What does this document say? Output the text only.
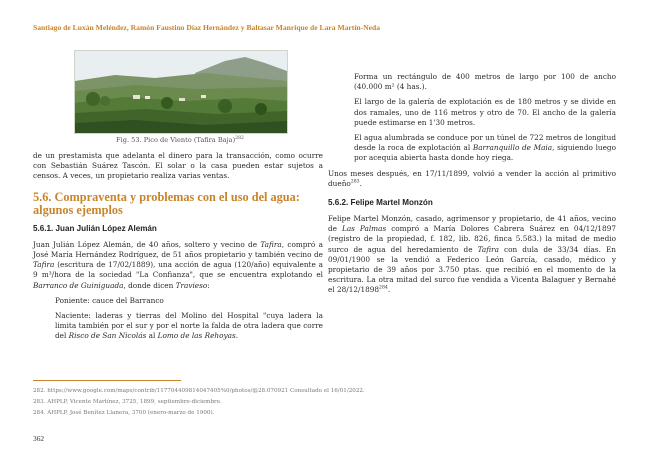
Santiago de Luxán Meléndez, Ramón Faustino Díaz Hernández y Baltasar Manrique de Lara Martín-Neda
Fig. 53. Pico de Viento (Tafira Baja)$^{282}$

de un prestamista que adelanta el dinero para la transacción, como ocurre con Sebastián Suárez Tascón. El solar o la casa pueden estar sujetos a censos. A veces, un propietario realiza varias ventas.

5.6. Compraventa y problemas con el uso del agua: algunos ejemplos
5.6.1. Juan Julián López Alemán

Juan Julián López Alemán, de 40 años, soltero y vecino de Tafira, compró a José María Hernández Rodríguez, de 51 años propietario y también vecino de Tafira (escritura de 17/02/1889), una acción de agua (120/año) equivalente a 9 m³/hora de la sociedad "La Confianza", que se encuentra explotando el Barranco de Guiniguada, donde dicen Travieso:

Poniente: cauce del Barranco

Naciente: laderas y tierras del Molino del Hospital "cuya ladera la limita también por el sur y por el norte la falda de otra ladera que corre del Risco de San Nicolás al Lomo de las Rehoyas.

Forma un rectángulo de 400 metros de largo por 100 de ancho (40.000 m² (4 has.).

El largo de la galería de explotación es de 180 metros y se divide en dos ramales, uno de 116 metros y otro de 70. El ancho de la galería puede estimarse en 1'30 metros.

El agua alumbrada se conduce por un túnel de 722 metros de longitud desde la roca de explotación al Barranquillo de Maia, siguiendo luego por acequia abierta hasta donde hoy riega.

Unos meses después, en 17/11/1899, volvió a vender la acción al primitivo dueño$^{283}$.

5.6.2. Felipe Martel Monzón

Felipe Martel Monzón, casado, agrimensor y propietario, de 41 años, vecino de Las Palmas compró a María Dolores Cabrera Suárez en 04/12/1897 (registro de la propiedad, f. 182, lib. 826, finca 5.583.) la mitad de medio surco de agua del heredamiento de Tafira con dula de 33/34 días. En 09/01/1900 se la vendió a Federico León García, casado, médico y propietario de 39 años por 3.750 ptas. que recibió en el momento de la escritura. La otra mitad del surco fue vendida a Vicenta Balaguer y Bernahé el 28/12/1898$^{284}$.

282. https://www.google.com/maps/contrib/117704409814047405%0/photos/@28.070921 Consultado el 16/01/2022.
283. AHPLP, Vicente Martínez, 3725, 1899, septiembre-diciembre.
284. AHPLP, José Benítez Llanera, 3700 (enero-marzo de 1900).
362
